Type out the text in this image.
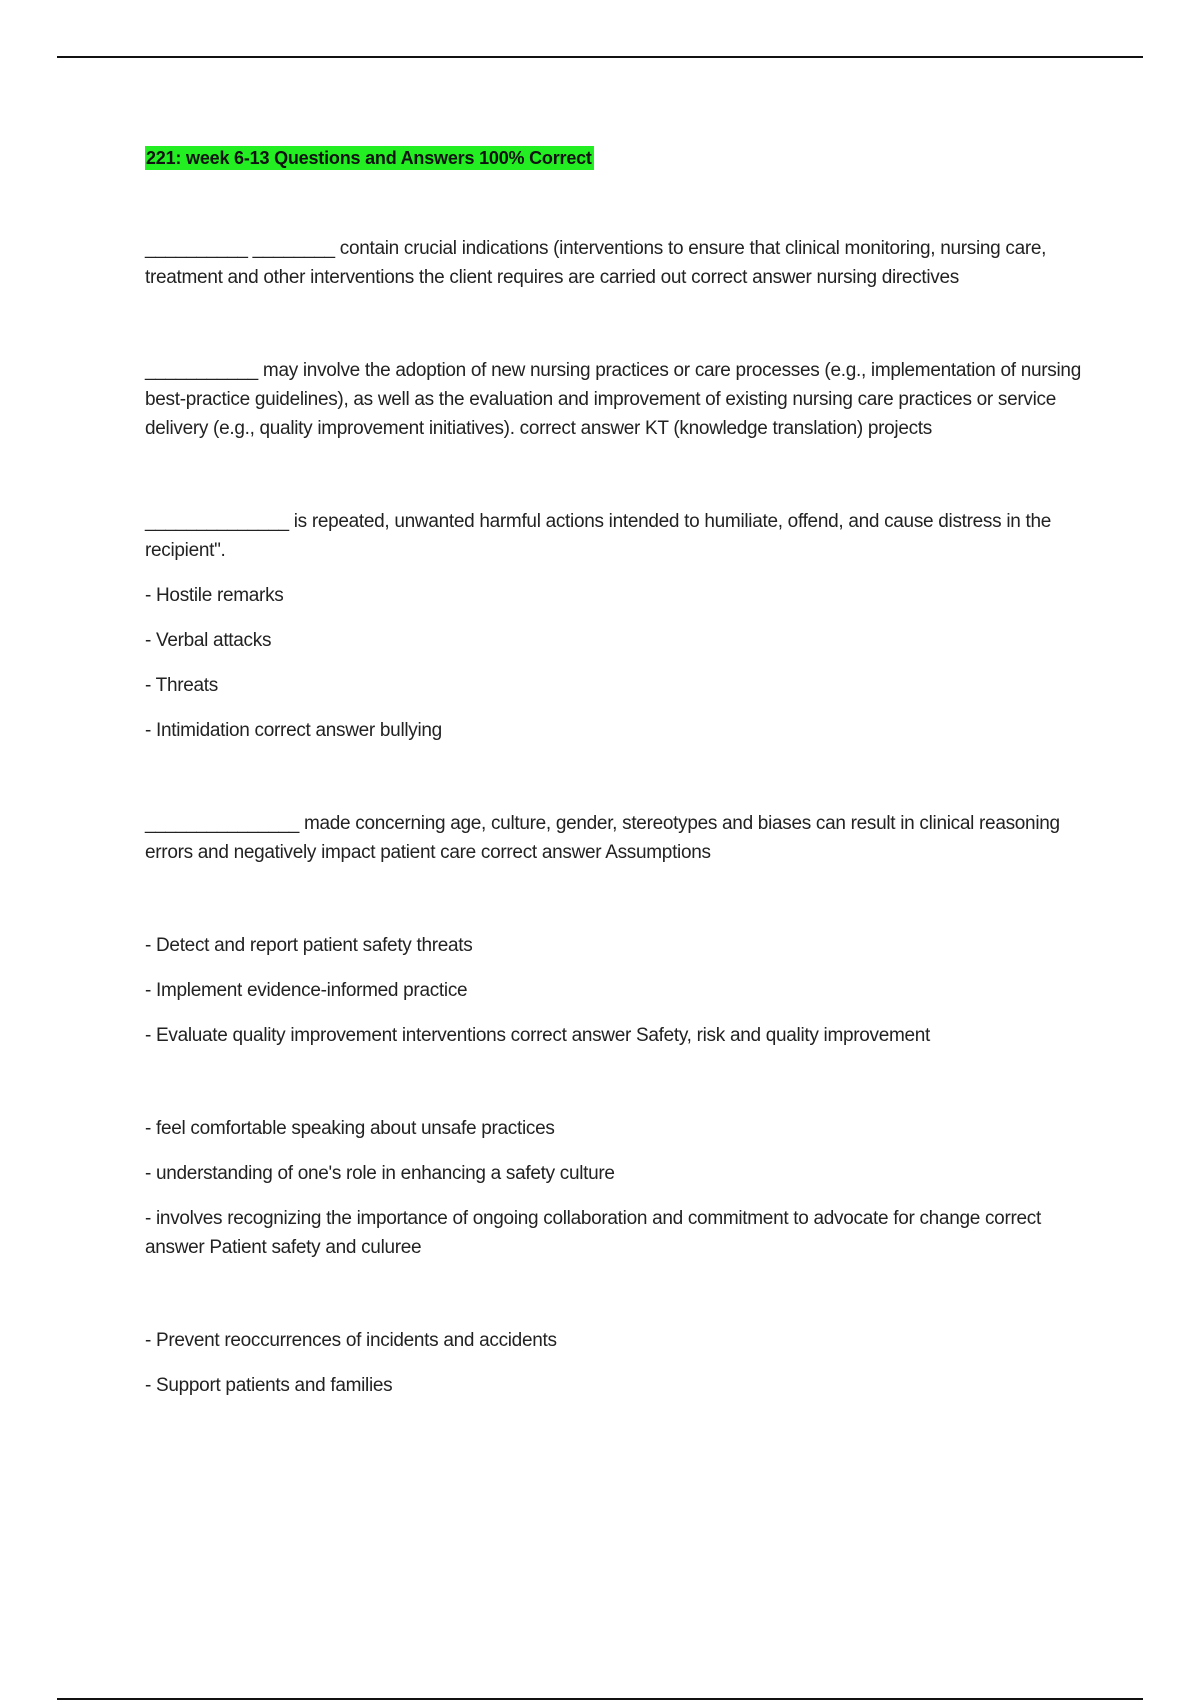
221: week 6-13 Questions and Answers 100% Correct

__________ ________ contain crucial indications (interventions to ensure that clinical monitoring, nursing care, treatment and other interventions the client requires are carried out correct answer nursing directives

___________ may involve the adoption of new nursing practices or care processes (e.g., implementation of nursing best-practice guidelines), as well as the evaluation and improvement of existing nursing care practices or service delivery (e.g., quality improvement initiatives). correct answer KT (knowledge translation) projects

______________ is repeated, unwanted harmful actions intended to humiliate, offend, and cause distress in the recipient".

- Hostile remarks

- Verbal attacks

- Threats

- Intimidation correct answer bullying

_______________ made concerning age, culture, gender, stereotypes and biases can result in clinical reasoning errors and negatively impact patient care correct answer Assumptions

- Detect and report patient safety threats

- Implement evidence-informed practice

- Evaluate quality improvement interventions correct answer Safety, risk and quality improvement

- feel comfortable speaking about unsafe practices

- understanding of one's role in enhancing a safety culture

- involves recognizing the importance of ongoing collaboration and commitment to advocate for change correct answer Patient safety and culuree

- Prevent reoccurrences of incidents and accidents

- Support patients and families
